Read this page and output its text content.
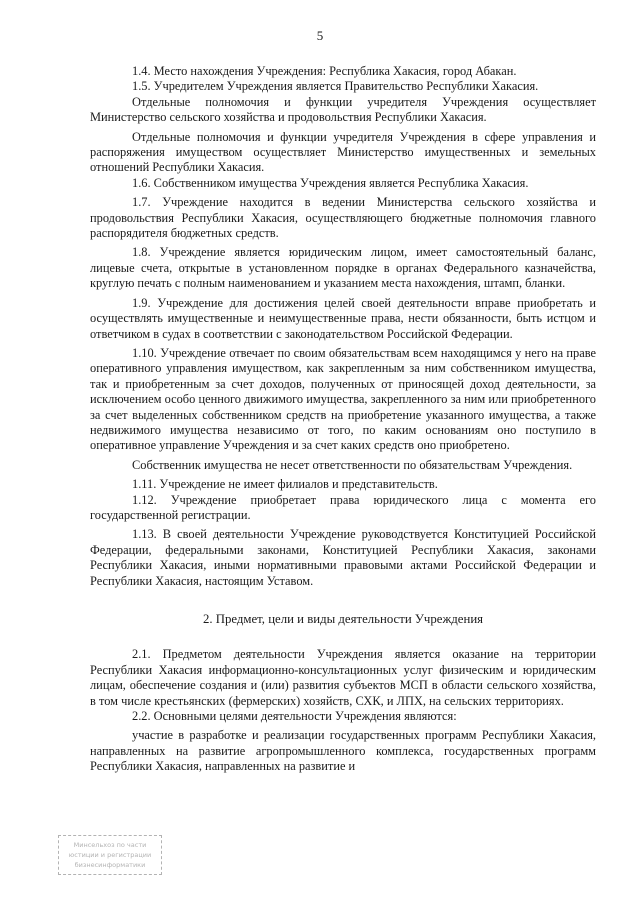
5

1.4. Место нахождения Учреждения: Республика Хакасия, город Абакан.

1.5. Учредителем Учреждения является Правительство Республики Хакасия.

Отдельные полномочия и функции учредителя Учреждения осуществляет Министерство сельского хозяйства и продовольствия Республики Хакасия.

Отдельные полномочия и функции учредителя Учреждения в сфере управления и распоряжения имуществом осуществляет Министерство имущественных и земельных отношений Республики Хакасия.

1.6. Собственником имущества Учреждения является Республика Хакасия.

1.7. Учреждение находится в ведении Министерства сельского хозяйства и продовольствия Республики Хакасия, осуществляющего бюджетные полномочия главного распорядителя бюджетных средств.

1.8. Учреждение является юридическим лицом, имеет самостоятельный баланс, лицевые счета, открытые в установленном порядке в органах Федерального казначейства, круглую печать с полным наименованием и указанием места нахождения, штамп, бланки.

1.9. Учреждение для достижения целей своей деятельности вправе приобретать и осуществлять имущественные и неимущественные права, нести обязанности, быть истцом и ответчиком в судах в соответствии с законодательством Российской Федерации.

1.10. Учреждение отвечает по своим обязательствам всем находящимся у него на праве оперативного управления имуществом, как закрепленным за ним собственником имущества, так и приобретенным за счет доходов, полученных от приносящей доход деятельности, за исключением особо ценного движимого имущества, закрепленного за ним или приобретенного за счет выделенных собственником средств на приобретение указанного имущества, а также недвижимого имущества независимо от того, по каким основаниям оно поступило в оперативное управление Учреждения и за счет каких средств оно приобретено.

Собственник имущества не несет ответственности по обязательствам Учреждения.

1.11. Учреждение не имеет филиалов и представительств.

1.12. Учреждение приобретает права юридического лица с момента его государственной регистрации.

1.13. В своей деятельности Учреждение руководствуется Конституцией Российской Федерации, федеральными законами, Конституцией Республики Хакасия, законами Республики Хакасия, иными нормативными правовыми актами Российской Федерации и Республики Хакасия, настоящим Уставом.

2. Предмет, цели и виды деятельности Учреждения

2.1. Предметом деятельности Учреждения является оказание на территории Республики Хакасия информационно-консультационных услуг физическим и юридическим лицам, обеспечение создания и (или) развития субъектов МСП в области сельского хозяйства, в том числе крестьянских (фермерских) хозяйств, СХК, и ЛПХ, на сельских территориях.

2.2. Основными целями деятельности Учреждения являются:

участие в разработке и реализации государственных программ Республики Хакасия, направленных на развитие агропромышленного комплекса, государственных программ Республики Хакасия, направленных на развитие и

Минсельхоз по части юстиции и регистрации бизнесинформатики
